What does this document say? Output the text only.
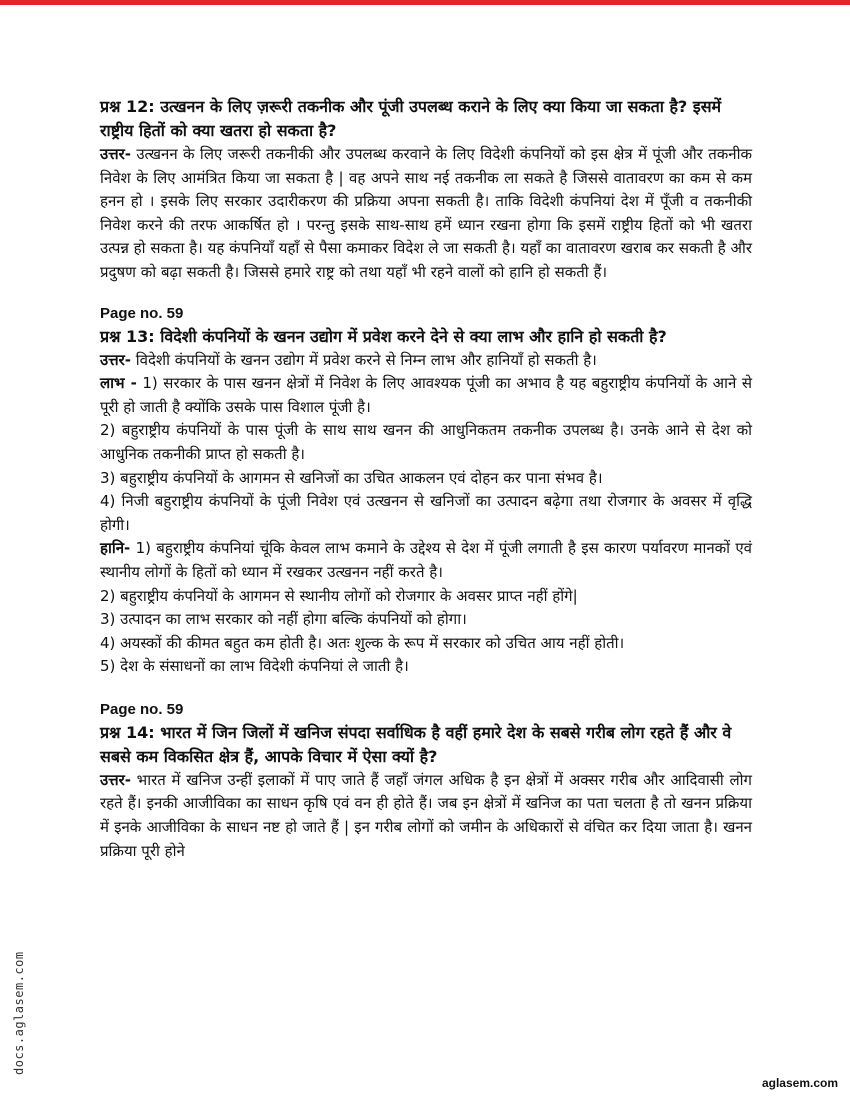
प्रश्न 12: उत्खनन के लिए ज़रूरी तकनीक और पूंजी उपलब्ध कराने के लिए क्या किया जा सकता है? इसमें राष्ट्रीय हितों को क्या खतरा हो सकता है?

उत्तर- उत्खनन के लिए जरूरी तकनीकी और उपलब्ध करवाने के लिए विदेशी कंपनियों को इस क्षेत्र में पूंजी और तकनीक निवेश के लिए आमंत्रित किया जा सकता है | वह अपने साथ नई तकनीक ला सकते है जिससे वातावरण का कम से कम हनन हो । इसके लिए सरकार उदारीकरण की प्रक्रिया अपना सकती है। ताकि विदेशी कंपनियां देश में पूँजी व तकनीकी निवेश करने की तरफ आकर्षित हो । परन्तु इसके साथ-साथ हमें ध्यान रखना होगा कि इसमें राष्ट्रीय हितों को भी खतरा उत्पन्न हो सकता है। यह कंपनियाँ यहाँ से पैसा कमाकर विदेश ले जा सकती है। यहाँ का वातावरण खराब कर सकती है और प्रदुषण को बढ़ा सकती है। जिससे हमारे राष्ट्र को तथा यहाँ भी रहने वालों को हानि हो सकती हैं।

Page no. 59

प्रश्न 13: विदेशी कंपनियों के खनन उद्योग में प्रवेश करने देने से क्या लाभ और हानि हो सकती है?

उत्तर- विदेशी कंपनियों के खनन उद्योग में प्रवेश करने से निम्न लाभ और हानियाँ हो सकती है।

लाभ - 1) सरकार के पास खनन क्षेत्रों में निवेश के लिए आवश्यक पूंजी का अभाव है यह बहुराष्ट्रीय कंपनियों के आने से पूरी हो जाती है क्योंकि उसके पास विशाल पूंजी है।

2) बहुराष्ट्रीय कंपनियों के पास पूंजी के साथ साथ खनन की आधुनिकतम तकनीक उपलब्ध है। उनके आने से देश को आधुनिक तकनीकी प्राप्त हो सकती है।

3) बहुराष्ट्रीय कंपनियों के आगमन से खनिजों का उचित आकलन एवं दोहन कर पाना संभव है।

4) निजी बहुराष्ट्रीय कंपनियों के पूंजी निवेश एवं उत्खनन से खनिजों का उत्पादन बढ़ेगा तथा रोजगार के अवसर में वृद्धि होगी।

हानि- 1) बहुराष्ट्रीय कंपनियां चूंकि केवल लाभ कमाने के उद्देश्य से देश में पूंजी लगाती है इस कारण पर्यावरण मानकों एवं स्थानीय लोगों के हितों को ध्यान में रखकर उत्खनन नहीं करते है।

2) बहुराष्ट्रीय कंपनियों के आगमन से स्थानीय लोगों को रोजगार के अवसर प्राप्त नहीं होंगे|

3) उत्पादन का लाभ सरकार को नहीं होगा बल्कि कंपनियों को होगा।

4) अयस्कों की कीमत बहुत कम होती है। अतः शुल्क के रूप में सरकार को उचित आय नहीं होती।

5) देश के संसाधनों का लाभ विदेशी कंपनियां ले जाती है।

Page no. 59

प्रश्न 14: भारत में जिन जिलों में खनिज संपदा सर्वाधिक है वहीं हमारे देश के सबसे गरीब लोग रहते हैं और वे सबसे कम विकसित क्षेत्र हैं, आपके विचार में ऐसा क्यों है?

उत्तर- भारत में खनिज उन्हीं इलाकों में पाए जाते हैं जहाँ जंगल अधिक है इन क्षेत्रों में अक्सर गरीब और आदिवासी लोग रहते हैं। इनकी आजीविका का साधन कृषि एवं वन ही होते हैं। जब इन क्षेत्रों में खनिज का पता चलता है तो खनन प्रक्रिया में इनके आजीविका के साधन नष्ट हो जाते हैं | इन गरीब लोगों को जमीन के अधिकारों से वंचित कर दिया जाता है। खनन प्रक्रिया पूरी होने

docs.aglasem.com
aglasem.com
